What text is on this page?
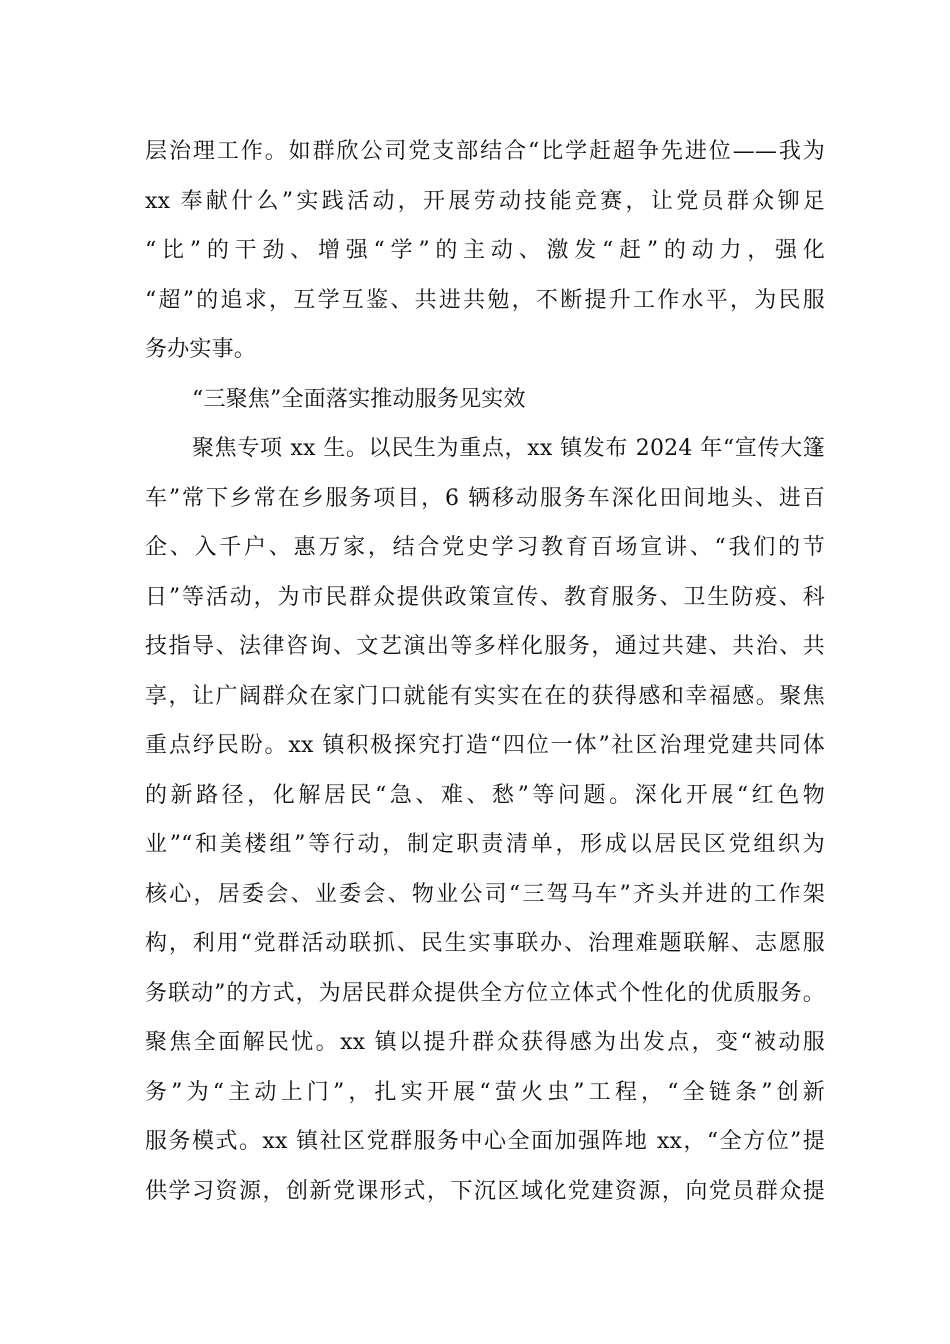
层治理工作。如群欣公司党支部结合“比学赶超争先进位——我为
xx 奉献什么”实践活动，开展劳动技能竞赛，让党员群众铆足
“比”的干劲、增强“学”的主动、激发“赶”的动力，强化
“超”的追求，互学互鉴、共进共勉，不断提升工作水平，为民服
务办实事。
“三聚焦”全面落实推动服务见实效
聚焦专项 xx 生。以民生为重点，xx 镇发布 2024 年“宣传大篷
车”常下乡常在乡服务项目，6 辆移动服务车深化田间地头、进百
企、入千户、惠万家，结合党史学习教育百场宣讲、“我们的节
日”等活动，为市民群众提供政策宣传、教育服务、卫生防疫、科
技指导、法律咨询、文艺演出等多样化服务，通过共建、共治、共
享，让广阔群众在家门口就能有实实在在的获得感和幸福感。聚焦
重点纾民盼。xx 镇积极探究打造“四位一体”社区治理党建共同体
的新路径，化解居民“急、难、愁”等问题。深化开展“红色物
业”“和美楼组”等行动，制定职责清单，形成以居民区党组织为
核心，居委会、业委会、物业公司“三驾马车”齐头并进的工作架
构，利用“党群活动联抓、民生实事联办、治理难题联解、志愿服
务联动”的方式，为居民群众提供全方位立体式个性化的优质服务。
聚焦全面解民忧。xx 镇以提升群众获得感为出发点，变“被动服
务”为“主动上门”，扎实开展“萤火虫”工程，“全链条”创新
服务模式。xx 镇社区党群服务中心全面加强阵地 xx，“全方位”提
供学习资源，创新党课形式，下沉区域化党建资源，向党员群众提
